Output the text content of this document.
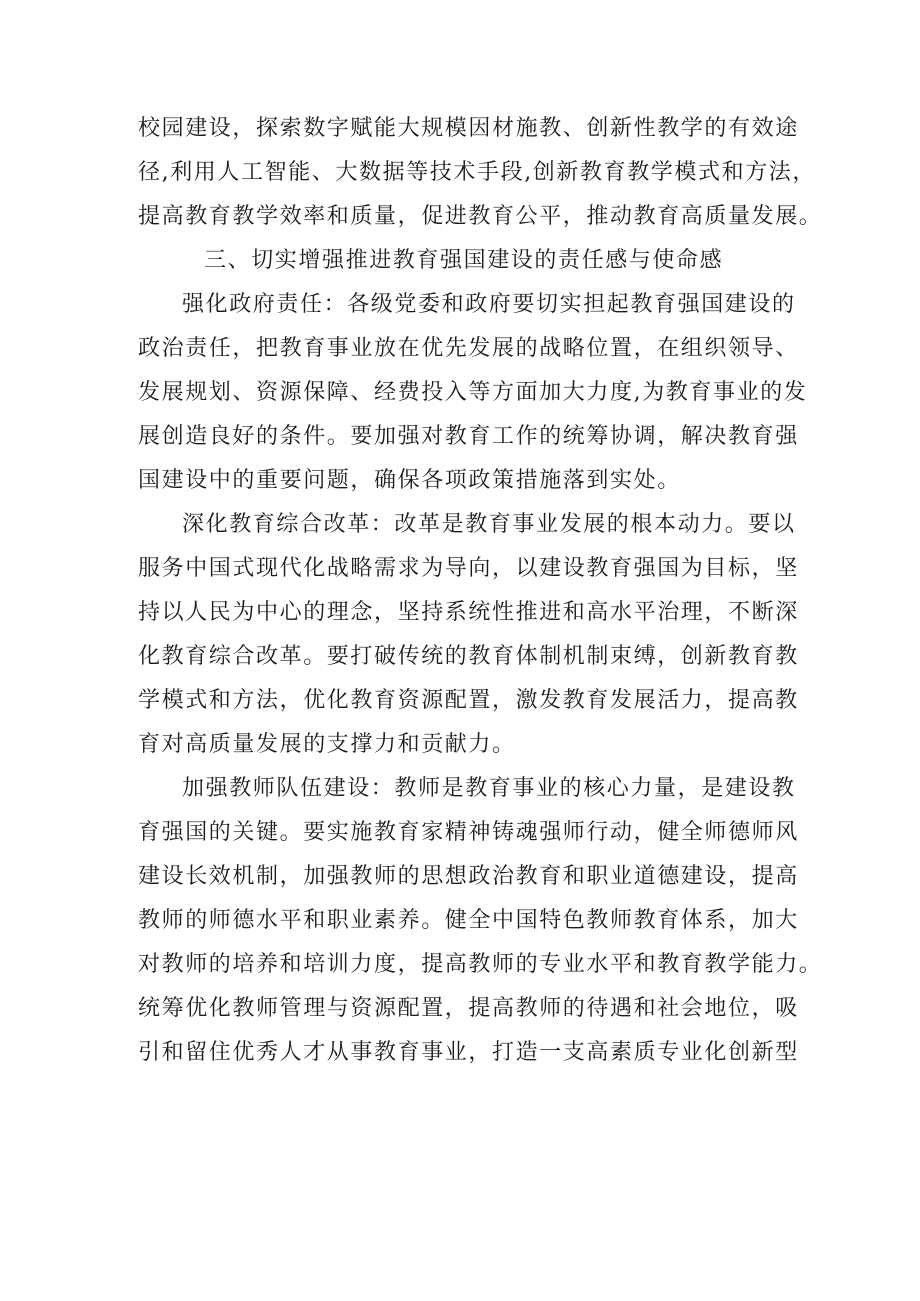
校园建设，探索数字赋能大规模因材施教、创新性教学的有效途
径,利用人工智能、大数据等技术手段,创新教育教学模式和方法，
提高教育教学效率和质量，促进教育公平，推动教育高质量发展。
三、切实增强推进教育强国建设的责任感与使命感
强化政府责任：各级党委和政府要切实担起教育强国建设的
政治责任，把教育事业放在优先发展的战略位置，在组织领导、
发展规划、资源保障、经费投入等方面加大力度,为教育事业的发
展创造良好的条件。要加强对教育工作的统筹协调，解决教育强
国建设中的重要问题，确保各项政策措施落到实处。
深化教育综合改革：改革是教育事业发展的根本动力。要以
服务中国式现代化战略需求为导向，以建设教育强国为目标，坚
持以人民为中心的理念，坚持系统性推进和高水平治理，不断深
化教育综合改革。要打破传统的教育体制机制束缚，创新教育教
学模式和方法，优化教育资源配置，激发教育发展活力，提高教
育对高质量发展的支撑力和贡献力。
加强教师队伍建设：教师是教育事业的核心力量，是建设教
育强国的关键。要实施教育家精神铸魂强师行动，健全师德师风
建设长效机制，加强教师的思想政治教育和职业道德建设，提高
教师的师德水平和职业素养。健全中国特色教师教育体系，加大
对教师的培养和培训力度，提高教师的专业水平和教育教学能力。
统筹优化教师管理与资源配置，提高教师的待遇和社会地位，吸
引和留住优秀人才从事教育事业，打造一支高素质专业化创新型
